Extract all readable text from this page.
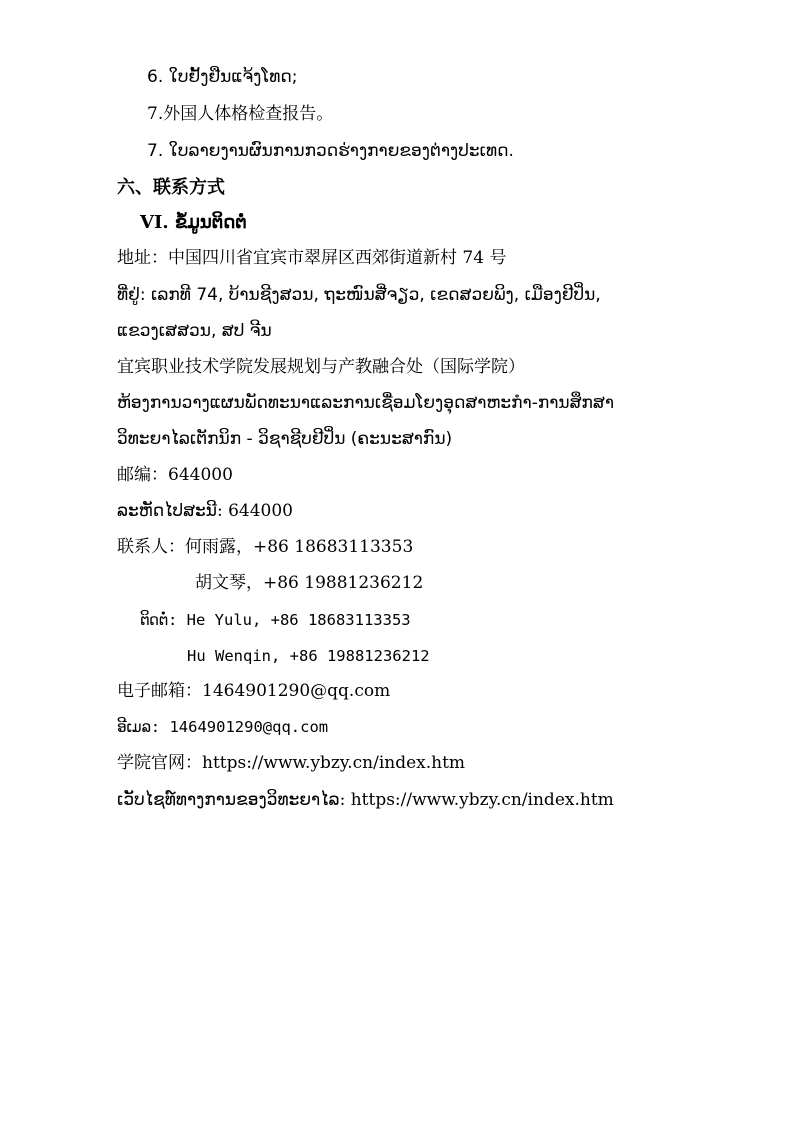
6. ໃບຢັ້ງຢືນແຈ້ງໂທດ;

7.外国人体格检查报告。

7. ໃບລາຍງານຜົນການກວດຮ່າງກາຍຂອງຕ່າງປະເທດ.

六、联系方式

VI. ຂໍ້ມູນຕິດຕໍ່

地址：中国四川省宜宾市翠屏区西郊街道新村 74 号

ທີ່ຢູ່: ເລກທີ 74, ບ້ານຊີງສວນ, ຖະໜົນສີ່ຈຽວ, ເຂດສວຍພິງ, ເມືອງຢີປິ່ນ,

ແຂວງເສສວນ, ສປ ຈີນ

宜宾职业技术学院发展规划与产教融合处（国际学院）

ຫ້ອງການວາງແຜນພັດທະນາແລະການເຊື່ອມໂຍງອຸດສາຫະກຳ-ການສຶກສາ

ວິທະຍາໄລເຕັກນິກ - ວິຊາຊີບຢີປິ່ນ (ຄະນະສາກົນ)

邮编：644000

ລະຫັດໄປສະນີ: 644000

联系人：何雨露，+86 18683113353

胡文琴，+86 19881236212

ຕິດຕໍ່: He Yulu, +86 18683113353

Hu Wenqin, +86 19881236212

电子邮箱：1464901290@qq.com

ອີເມລ: 1464901290@qq.com

学院官网：https://www.ybzy.cn/index.htm

ເວັບໄຊທ໌ທາງການຂອງວິທະຍາໄລ: https://www.ybzy.cn/index.htm
